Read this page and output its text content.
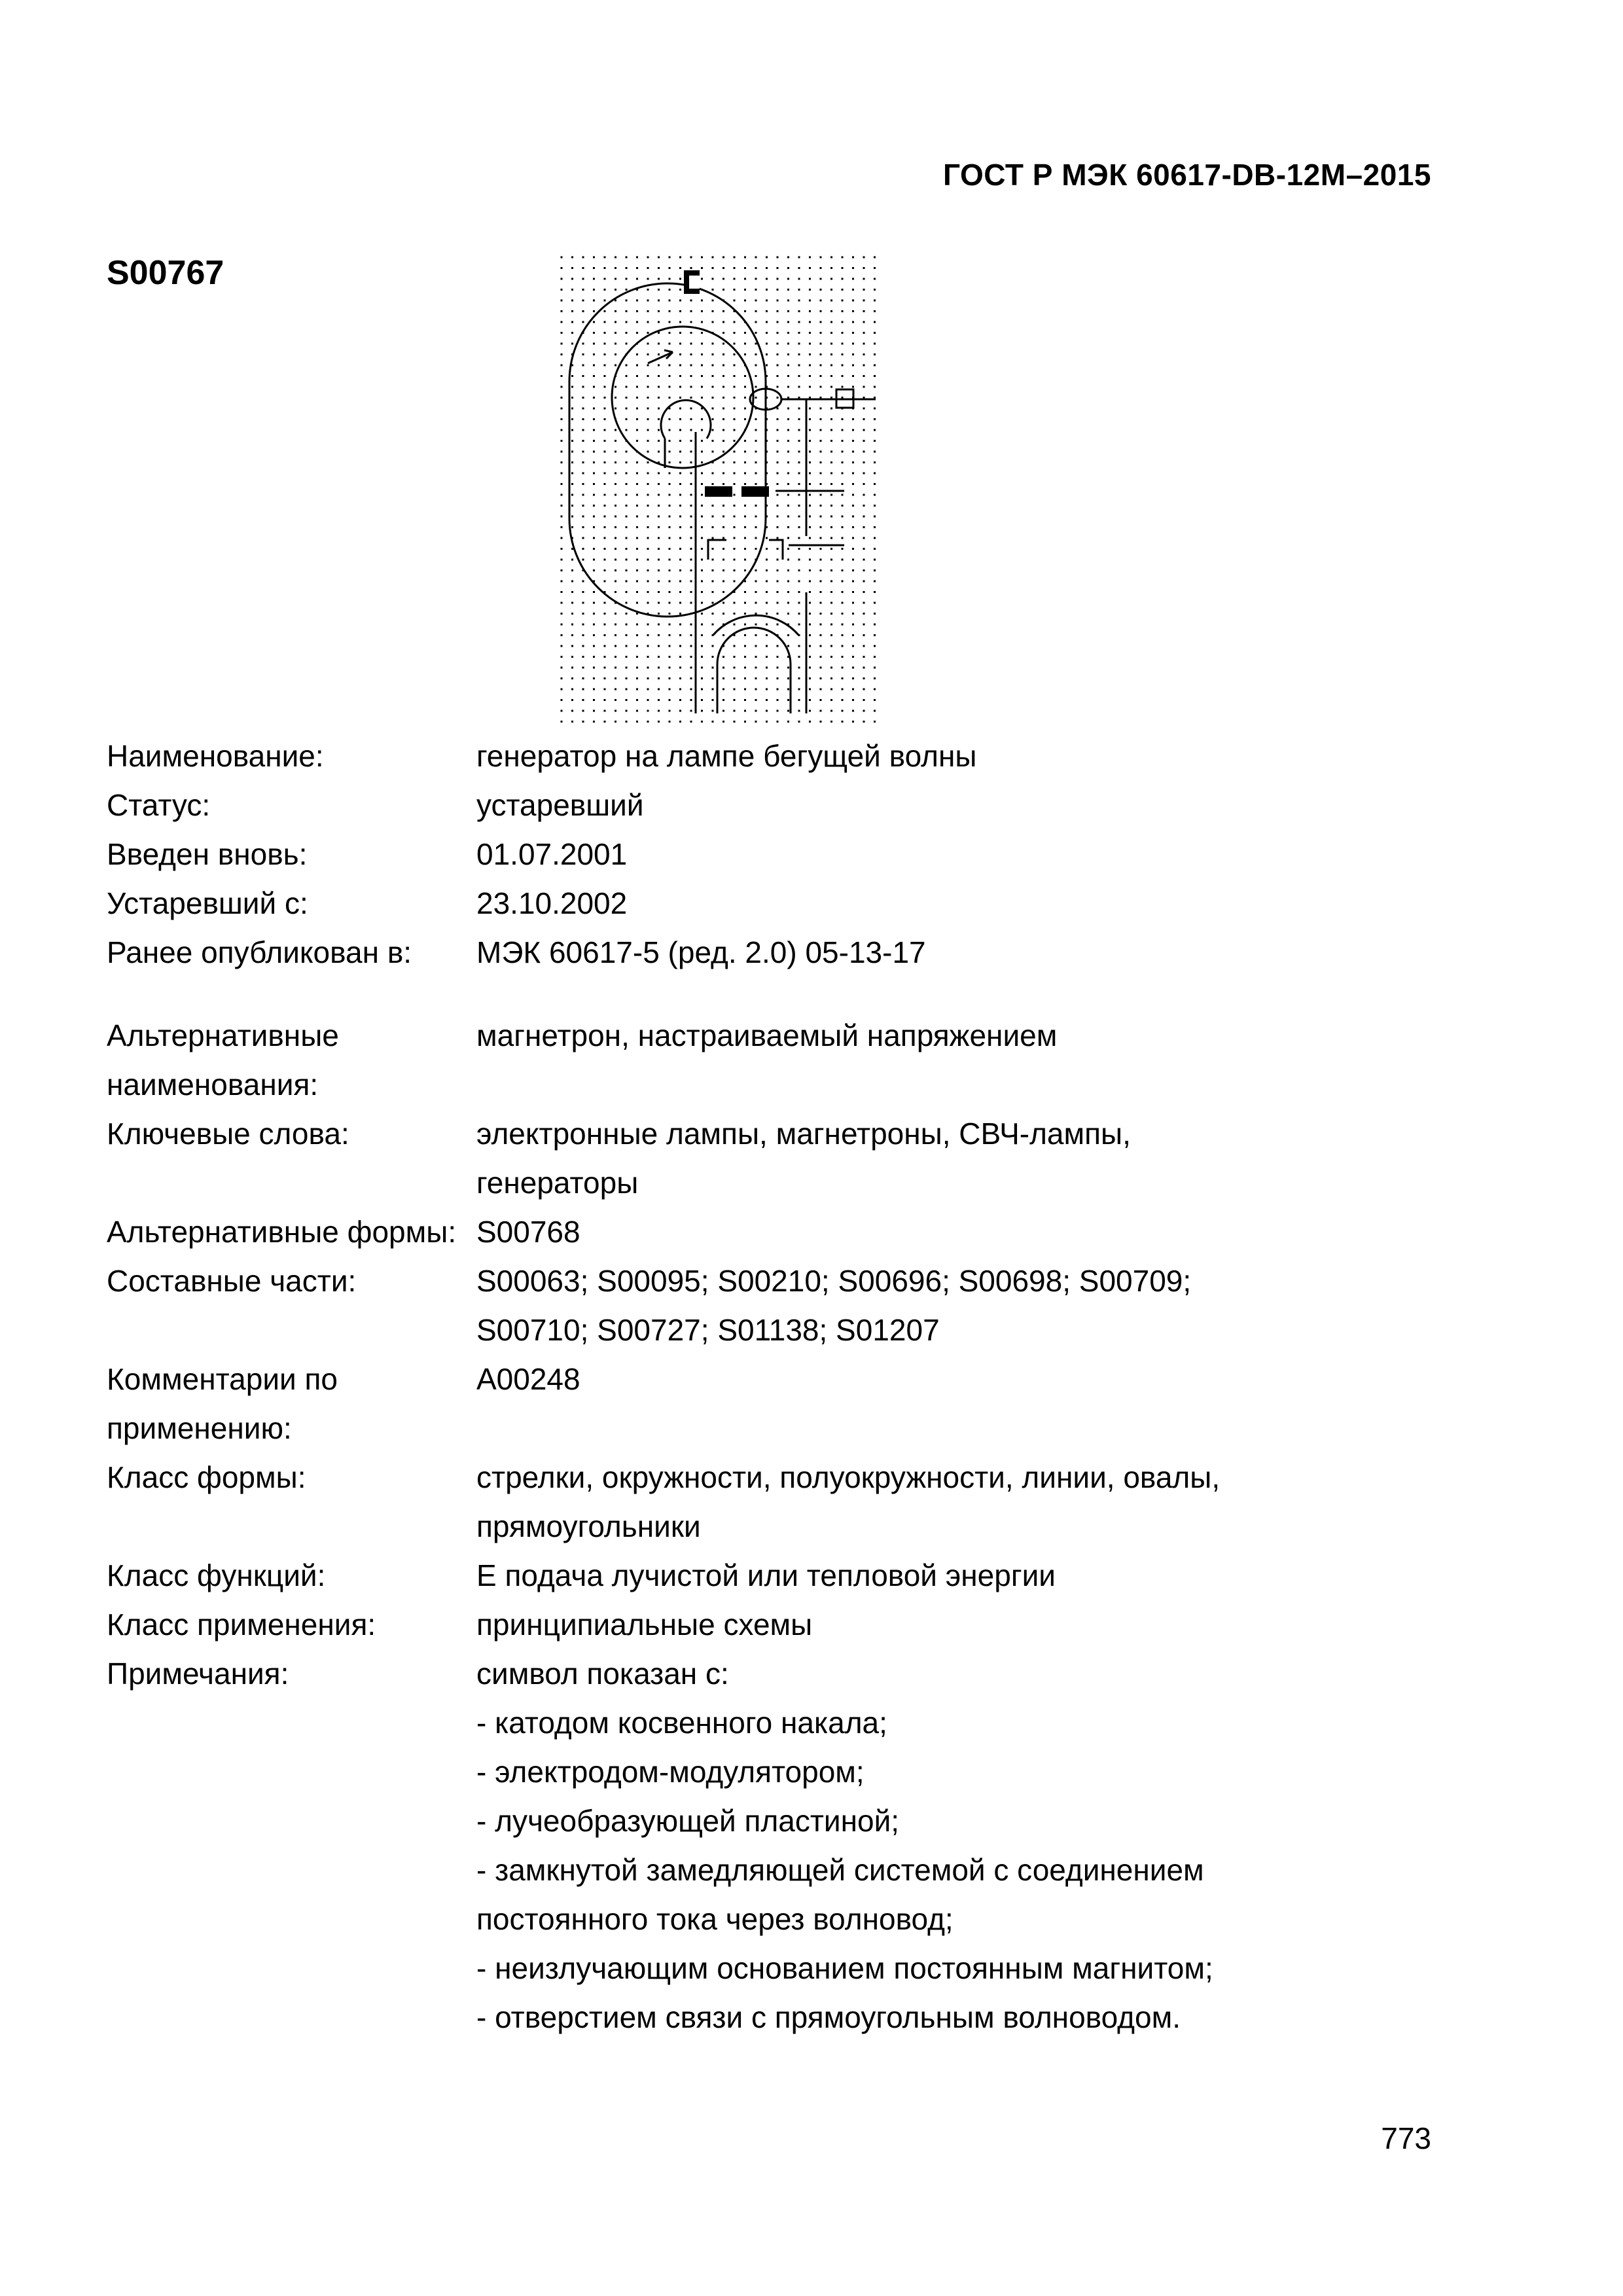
ГОСТ Р МЭК 60617-DB-12M–2015
S00767
Наименование:	генератор на лампе бегущей волны
Статус:	устаревший
Введен вновь:	01.07.2001
Устаревший с:	23.10.2002
Ранее опубликован в:	МЭК 60617-5 (ред. 2.0) 05-13-17
Альтернативные наименования:
магнетрон, настраиваемый напряжением
Ключевые слова:	электронные лампы, магнетроны, СВЧ-лампы,
генераторы
Альтернативные формы: S00768
Составные части:	S00063; S00095; S00210; S00696; S00698; S00709;
S00710; S00727; S01138; S01207
Комментарии по применению:
A00248
Класс формы:	стрелки, окружности, полуокружности, линии, овалы,
прямоугольники
Класс функций:	E подача лучистой или тепловой энергии
Класс применения:	принципиальные схемы
Примечания:	символ показан с:
- катодом косвенного накала;
- электродом-модулятором;
- лучеобразующей пластиной;
- замкнутой замедляющей системой с соединением
постоянного тока через волновод;
- неизлучающим основанием постоянным магнитом;
- отверстием связи с прямоугольным волноводом.
773
